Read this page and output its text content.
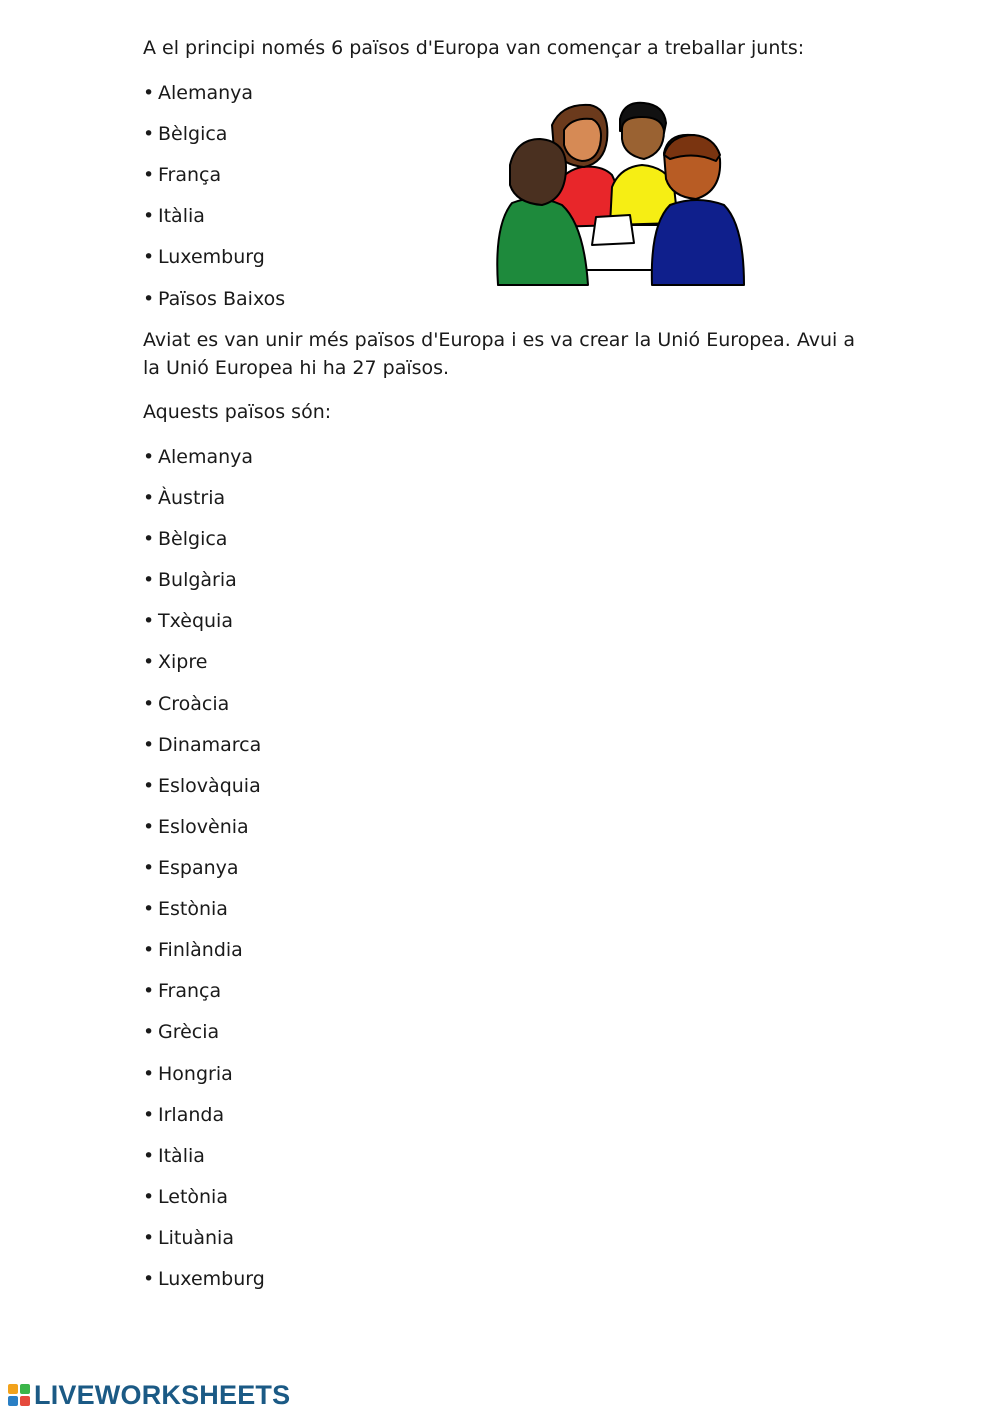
A el principi només 6 països d'Europa van començar a treballar junts:

• Alemanya

• Bèlgica

• França

• Itàlia

• Luxemburg

• Països Baixos

Aviat es van unir més països d'Europa i es va crear la Unió Europea. Avui a la Unió Europea hi ha 27 països.

Aquests països són:

• Alemanya

• Àustria

• Bèlgica

• Bulgària

• Txèquia

• Xipre

• Croàcia

• Dinamarca

• Eslovàquia

• Eslovènia

• Espanya

• Estònia

• Finlàndia

• França

• Grècia

• Hongria

• Irlanda

• Itàlia

• Letònia

• Lituània

• Luxemburg

LIVEWORKSHEETS
